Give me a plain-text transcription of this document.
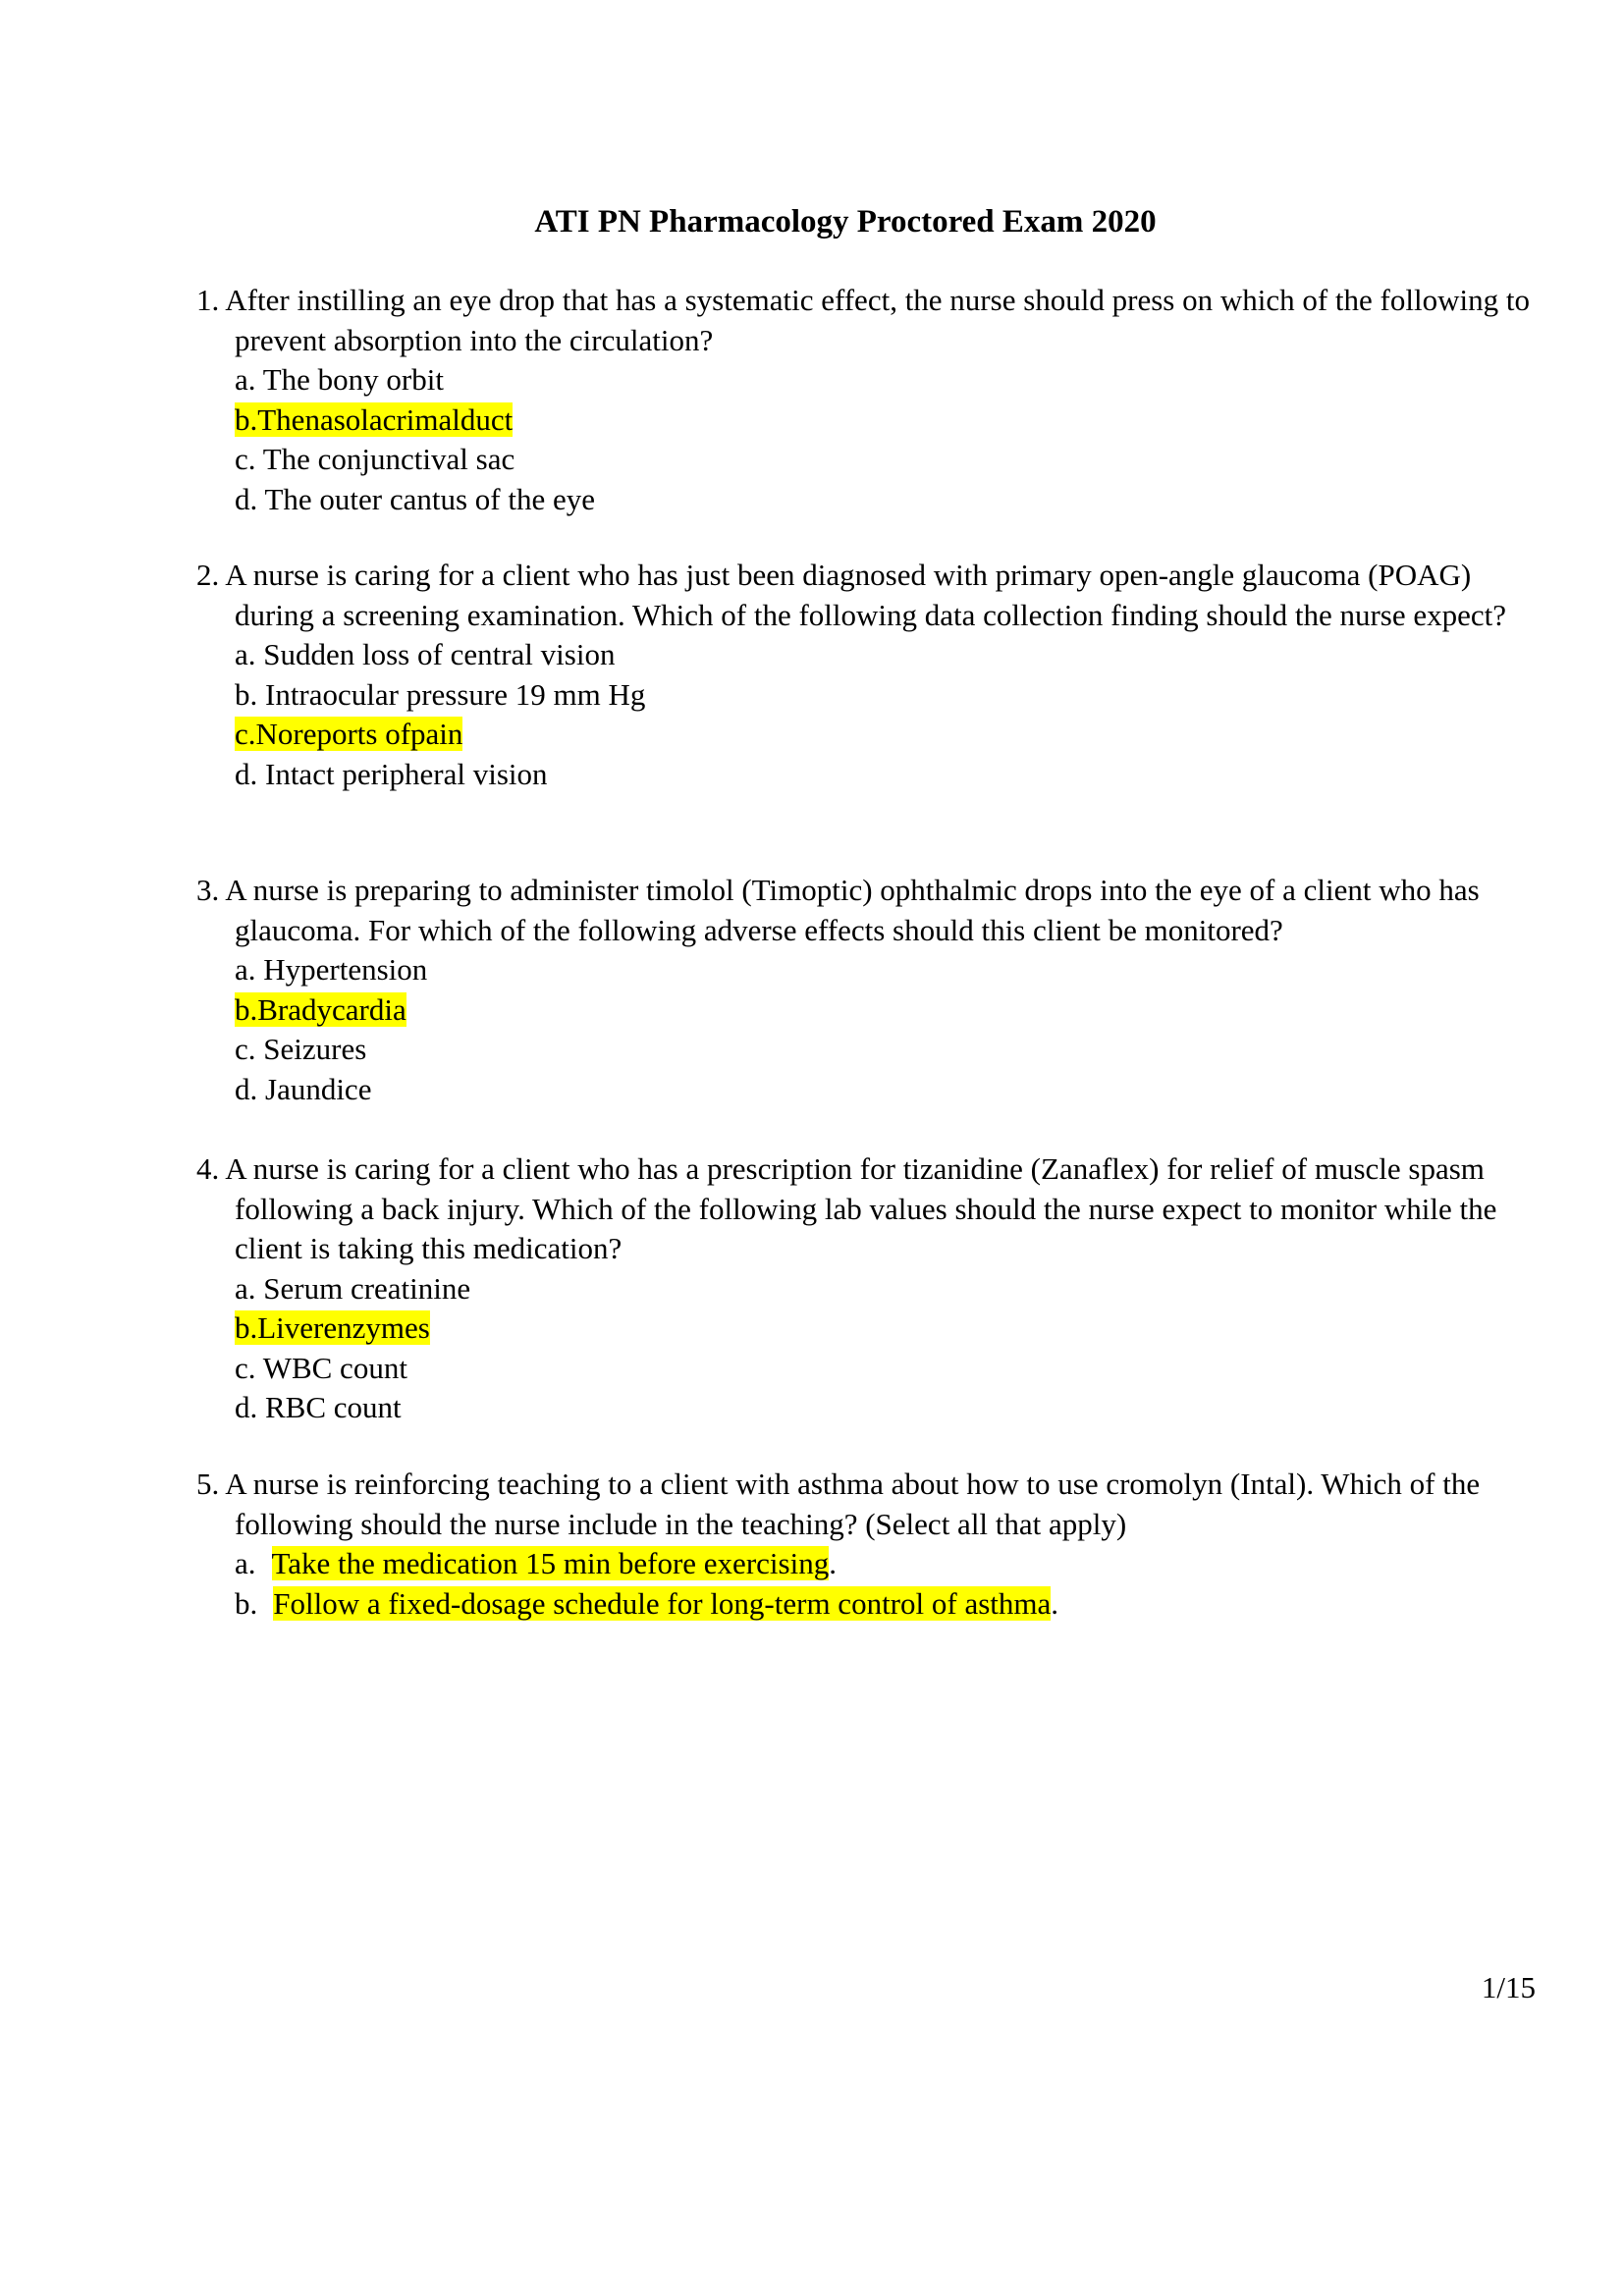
ATI PN Pharmacology Proctored Exam 2020

1. After instilling an eye drop that has a systematic effect, the nurse should press on which of the following to prevent absorption into the circulation?

a. The bony orbit

b.Thenasolacrimalduct

c. The conjunctival sac

d. The outer cantus of the eye

2. A nurse is caring for a client who has just been diagnosed with primary open-angle glaucoma (POAG) during a screening examination. Which of the following data collection finding should the nurse expect?

a. Sudden loss of central vision

b. Intraocular pressure 19 mm Hg

c.Noreports ofpain

d. Intact peripheral vision

3. A nurse is preparing to administer timolol (Timoptic) ophthalmic drops into the eye of a client who has glaucoma. For which of the following adverse effects should this client be monitored?

a. Hypertension

b.Bradycardia

c. Seizures

d. Jaundice

4. A nurse is caring for a client who has a prescription for tizanidine (Zanaflex) for relief of muscle spasm following a back injury. Which of the following lab values should the nurse expect to monitor while the client is taking this medication?

a. Serum creatinine

b.Liverenzymes

c. WBC count

d. RBC count

5. A nurse is reinforcing teaching to a client with asthma about how to use cromolyn (Intal). Which of the following should the nurse include in the teaching? (Select all that apply)

a. Take the medication 15 min before exercising.

b. Follow a fixed-dosage schedule for long-term control of asthma.

1/15
